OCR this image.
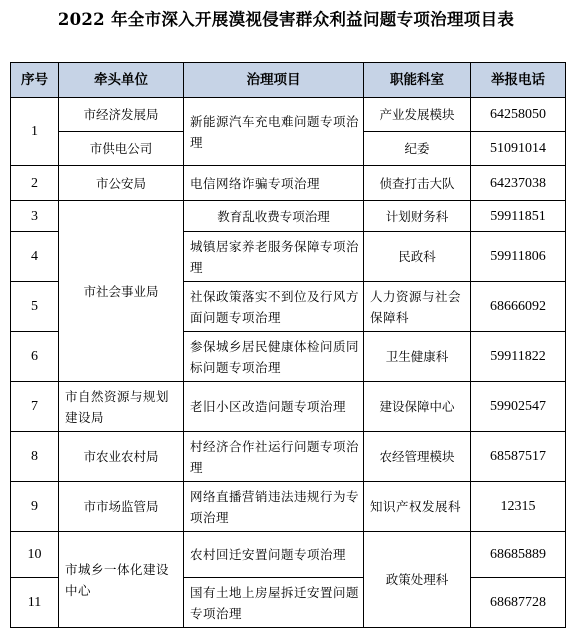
2022 年全市深入开展漠视侵害群众利益问题专项治理项目表
序号	牵头单位	治理项目	职能科室	举报电话
1	市经济发展局	新能源汽车充电难问题专项治理	产业发展模块	64258050
	市供电公司		纪委	51091014
2	市公安局	电信网络诈骗专项治理	侦查打击大队	64237038
3	市社会事业局	教育乱收费专项治理	计划财务科	59911851
4		城镇居家养老服务保障专项治理	民政科	59911806
5		社保政策落实不到位及行风方面问题专项治理	人力资源与社会保障科	68666092
6		参保城乡居民健康体检问质同标问题专项治理	卫生健康科	59911822
7	市自然资源与规划建设局	老旧小区改造问题专项治理	建设保障中心	59902547
8	市农业农村局	村经济合作社运行问题专项治理	农经管理模块	68587517
9	市市场监管局	网络直播营销违法违规行为专项治理	知识产权发展科	12315
10	市城乡一体化建设中心	农村回迁安置问题专项治理	政策处理科	68685889
11		国有土地上房屋拆迁安置问题专项治理		68687728
